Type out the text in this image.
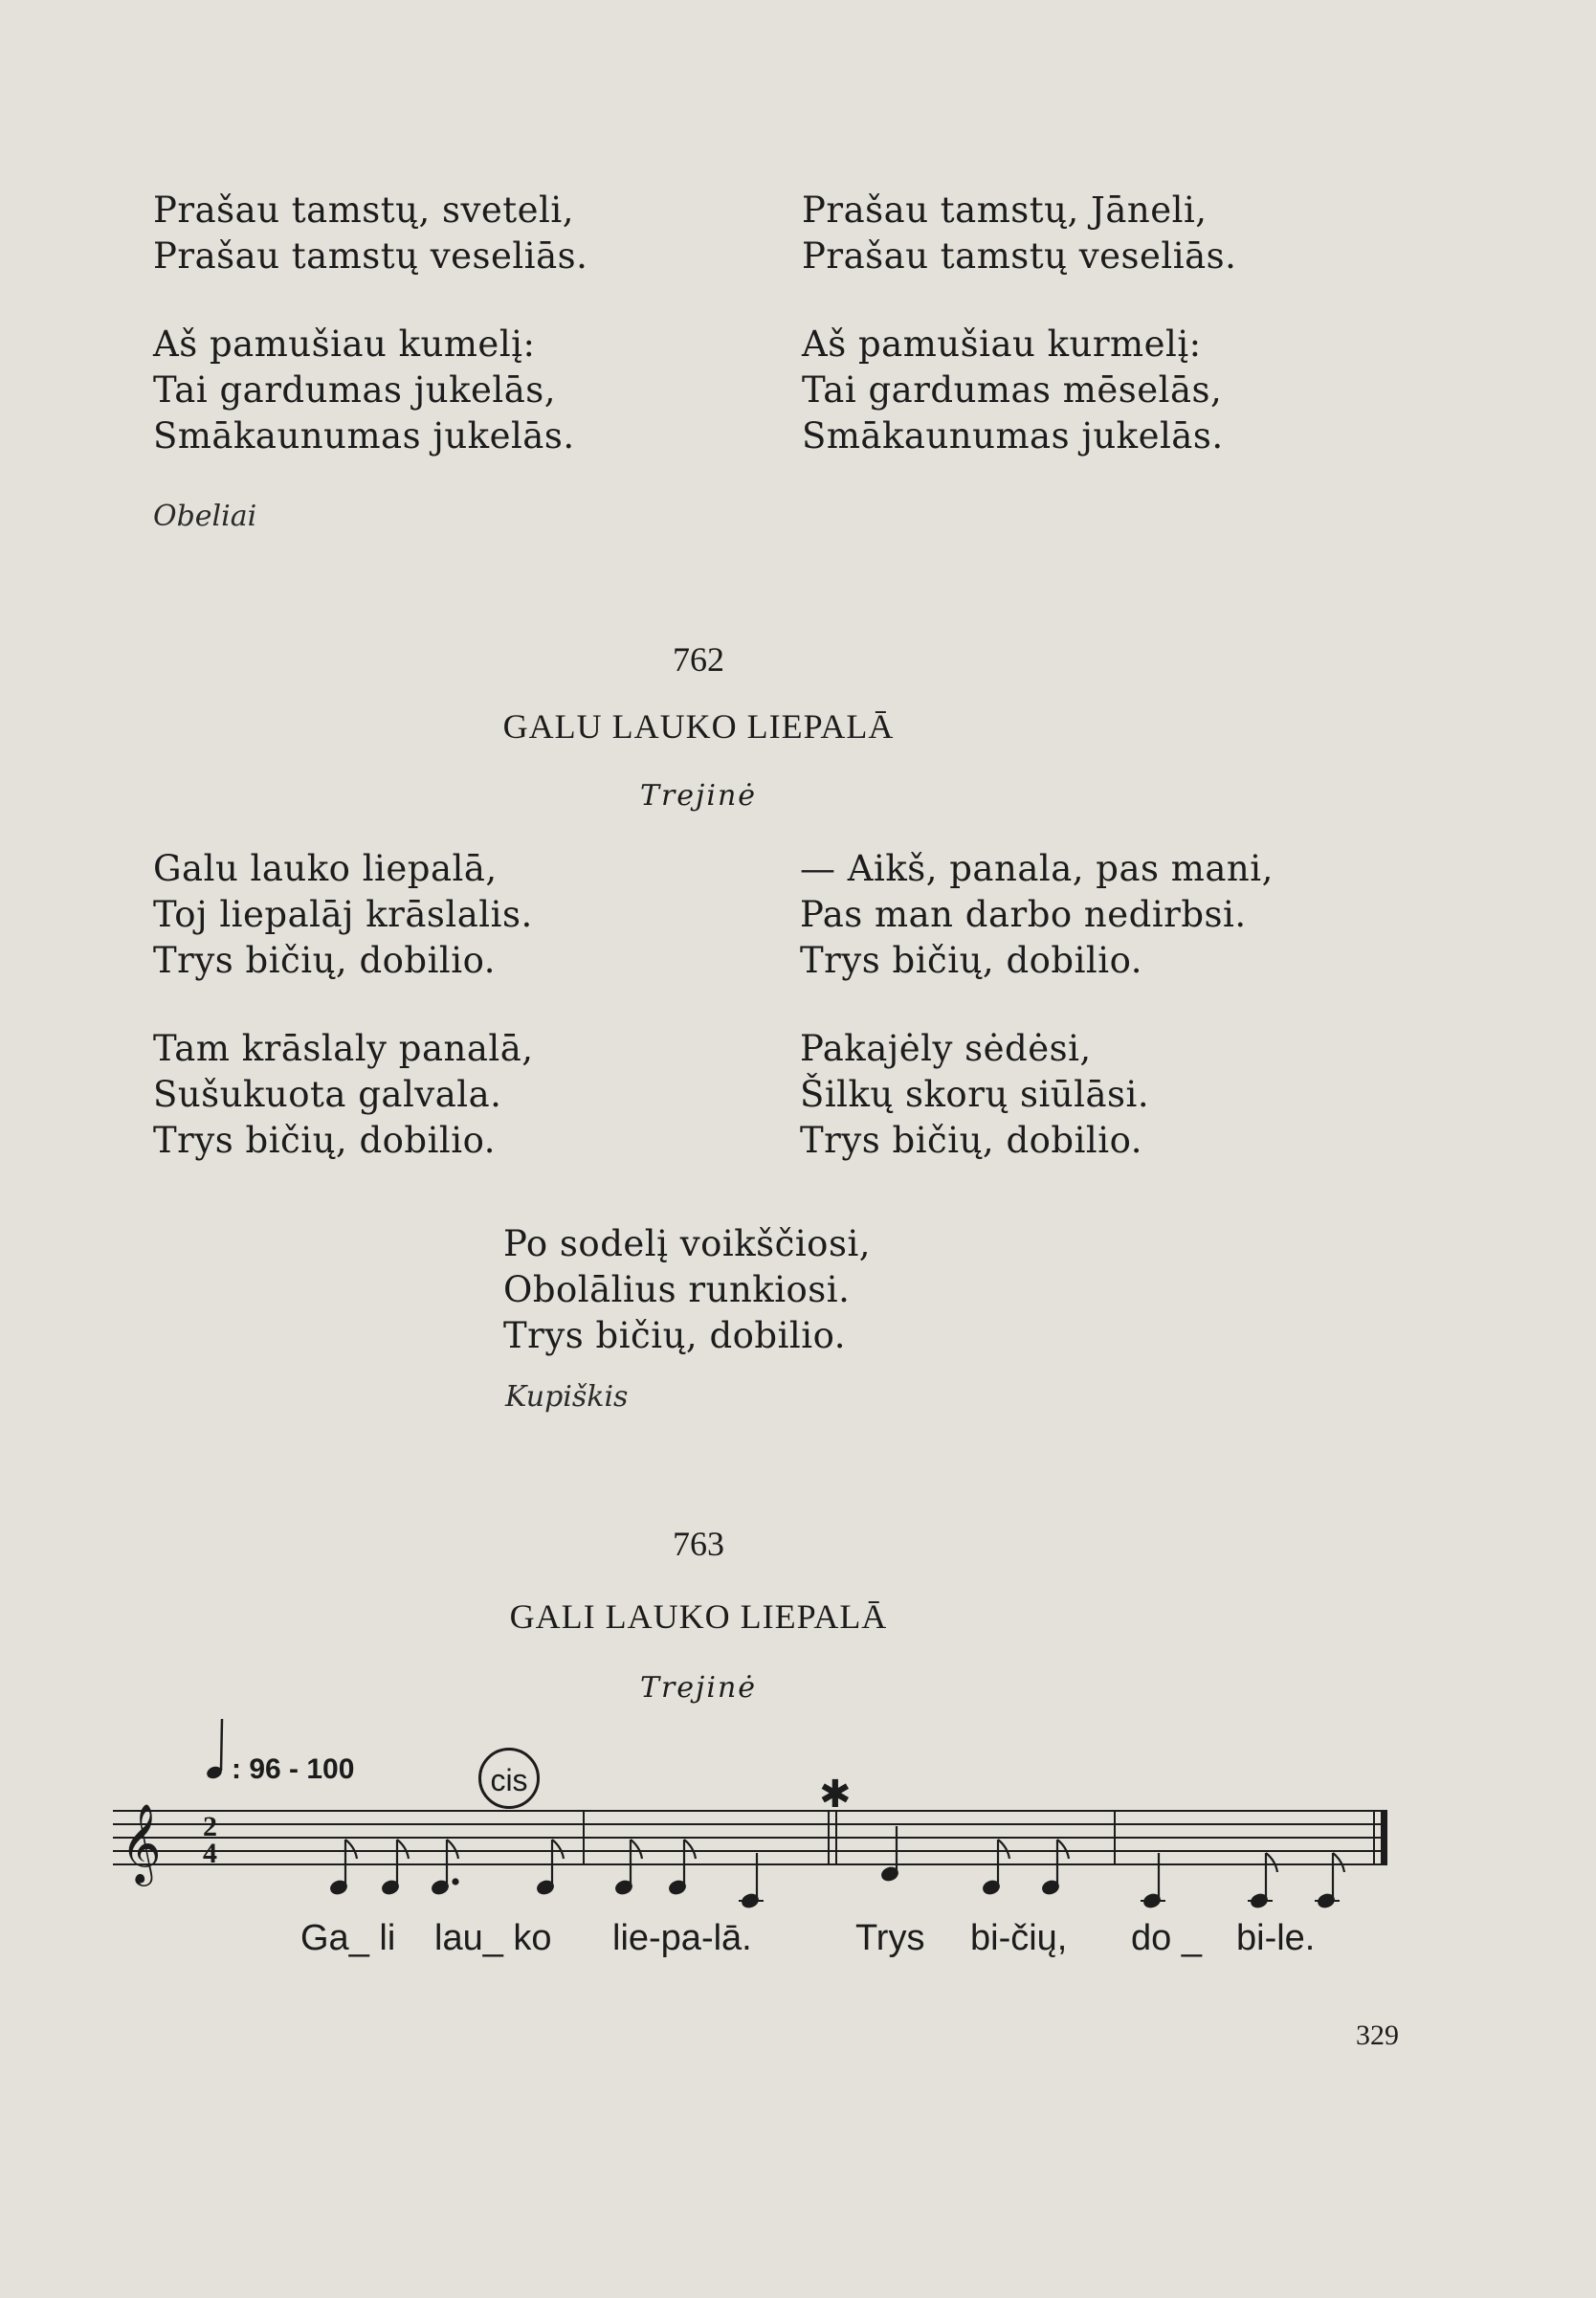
Prašau tamstų, sveteli,
Prašau tamstų veseliās.
Aš pamušiau kumelį:
Tai gardumas jukelās,
Smākaunumas jukelās.
Prašau tamstų, Jāneli,
Prašau tamstų veseliās.
Aš pamušiau kurmelį:
Tai gardumas mēselās,
Smākaunumas jukelās.
Obeliai
762
GALU LAUKO LIEPALĀ
Trejinė
Galu lauko liepalā,
Toj liepalāj krāslalis.
Trys bičių, dobilio.
Tam krāslaly panalā,
Sušukuota galvala.
Trys bičių, dobilio.
— Aikš, panala, pas mani,
Pas man darbo nedirbsi.
Trys bičių, dobilio.
Pakajėly sėdėsi,
Šilkų skorų siūlāsi.
Trys bičių, dobilio.
Po sodelį voikščiosi,
Obolālius runkiosi.
Trys bičių, dobilio.
Kupiškis
763
GALI LAUKO LIEPALĀ
Trejinė
: 96 - 100	cis	✱
𝄞 2
4
Ga_ li lau_ ko lie-pa-lā.	Trys bi-čių, do _ bi-le.
329
